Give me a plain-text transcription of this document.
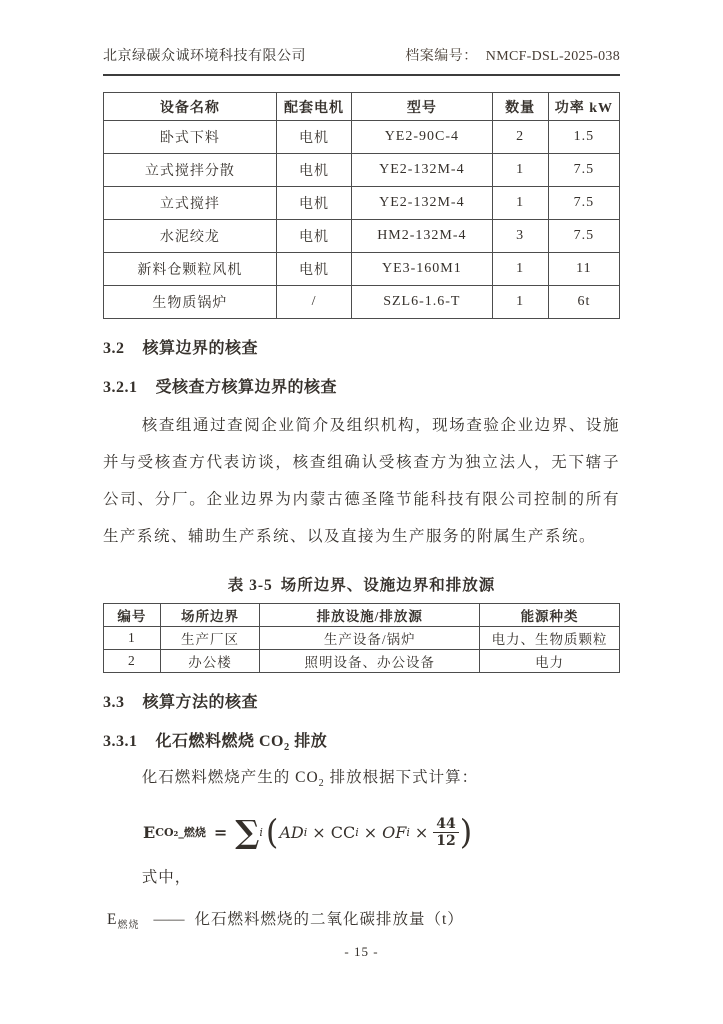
北京绿碳众诚环境科技有限公司	档案编号： NMCF-DSL-2025-038
设备名称	配套电机	型号	数量	功率 kW
卧式下料	电机	YE2-90C-4	2	1.5
立式搅拌分散	电机	YE2-132M-4	1	7.5
立式搅拌	电机	YE2-132M-4	1	7.5
水泥绞龙	电机	HM2-132M-4	3	7.5
新料仓颗粒风机	电机	YE3-160M1	1	11
生物质锅炉	/	SZL6-1.6-T	1	6t
3.2 核算边界的核查
3.2.1 受核查方核算边界的核查

核查组通过查阅企业简介及组织机构，现场查验企业边界、设施并与受核查方代表访谈，核查组确认受核查方为独立法人，无下辖子公司、分厂。企业边界为内蒙古德圣隆节能科技有限公司控制的所有生产系统、辅助生产系统、以及直接为生产服务的附属生产系统。

表 3-5 场所边界、设施边界和排放源
编号	场所边界	排放设施/排放源	能源种类
1	生产厂区	生产设备/锅炉	电力、生物质颗粒
2	办公楼	照明设备、办公设备	电力
3.3 核算方法的核查
3.3.1 化石燃料燃烧 $CO_2$ 排放

化石燃料燃烧产生的 $CO_2$ 排放根据下式计算：

E CO₂_燃烧 = ∑ i ( AD i × CC i × OF $i \times \frac{44}{12}$ )
式中，
$E_{燃烧}$ —— 化石燃料燃烧的二氧化碳排放量（t）
- 15 -
